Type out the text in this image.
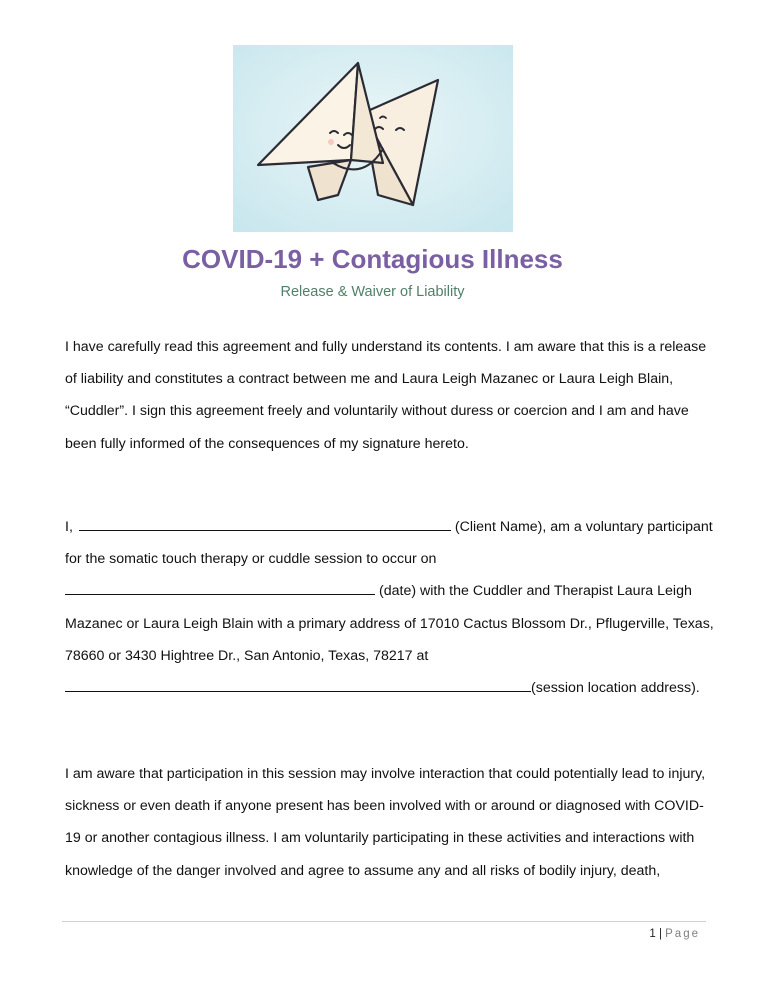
COVID-19 + Contagious Illness
Release & Waiver of Liability

I have carefully read this agreement and fully understand its contents. I am aware that this is a release of liability and constitutes a contract between me and Laura Leigh Mazanec or Laura Leigh Blain, “Cuddler”. I sign this agreement freely and voluntarily without duress or coercion and I am and have been fully informed of the consequences of my signature hereto.

I,	(Client Name), am a voluntary participant for the somatic touch therapy or cuddle session to occur on (date) with the Cuddler and Therapist Laura Leigh Mazanec or Laura Leigh Blain with a primary address of 17010 Cactus Blossom Dr., Pflugerville, Texas, 78660 or 3430 Hightree Dr., San Antonio, Texas, 78217 at (session location address).

I am aware that participation in this session may involve interaction that could potentially lead to injury, sickness or even death if anyone present has been involved with or around or diagnosed with COVID-19 or another contagious illness. I am voluntarily participating in these activities and interactions with knowledge of the danger involved and agree to assume any and all risks of bodily injury, death,

1 | Page
